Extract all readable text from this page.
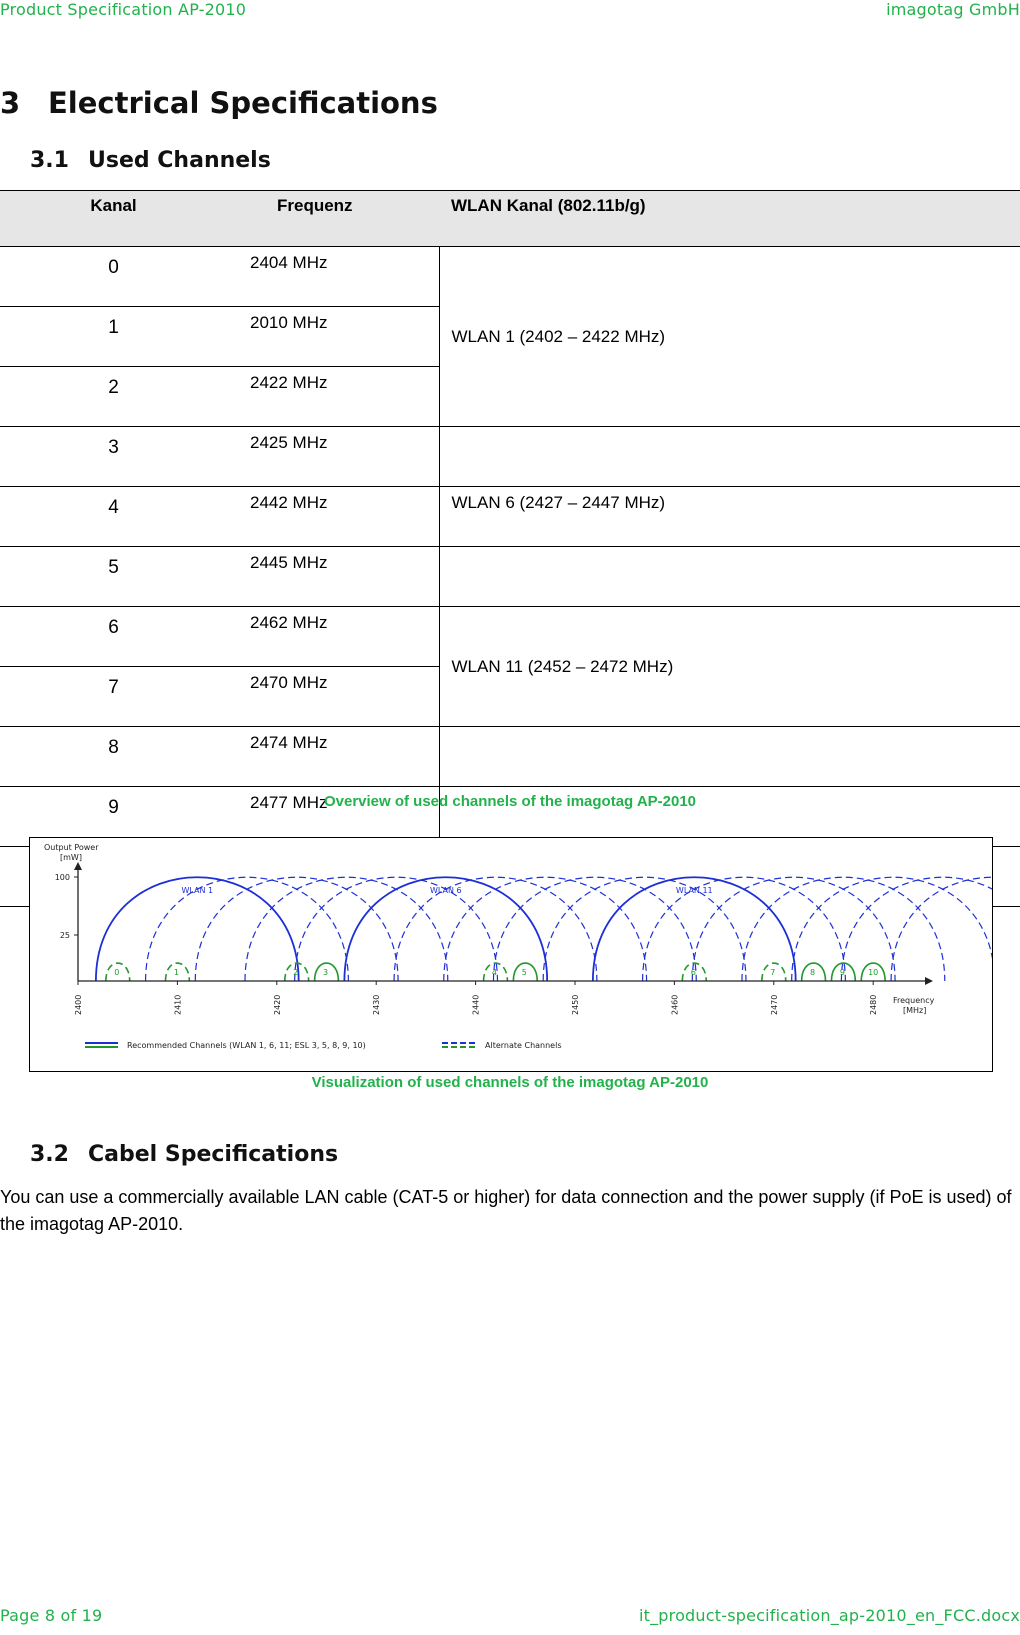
Product Specification AP-2010	imagotag GmbH
3 Electrical Specifications
3.1 Used Channels
Kanal	Frequenz	WLAN Kanal (802.11b/g)
0	2404 MHz	WLAN 1 (2402 – 2422 MHz)
1	2010 MHz	
2	2422 MHz	
3	2425 MHz	
4	2442 MHz	WLAN 6 (2427 – 2447 MHz)
5	2445 MHz	
6	2462 MHz	WLAN 11 (2452 – 2472 MHz)
7	2470 MHz	
8	2474 MHz	
9	2477 MHz	

Overview of used channels of the imagotag AP-2010
0	1	2	3	4	5	6	7	8	9	10
100
25
Output Power
[mW]
2400	2410	2420	2430	2440	2450	2460	2470	2480 Frequency
[MHz]
WLAN 1	WLAN 6	WLAN 11
Recommended Channels (WLAN 1, 6, 11; ESL 3, 5, 8, 9, 10)	Alternate Channels
Visualization of used channels of the imagotag AP-2010
3.2 Cabel Specifications
You can use a commercially available LAN cable (CAT-5 or higher) for data connection and the power supply (if PoE is used) of the imagotag AP-2010.
Page 8 of 19	it_product-specification_ap-2010_en_FCC.docx
